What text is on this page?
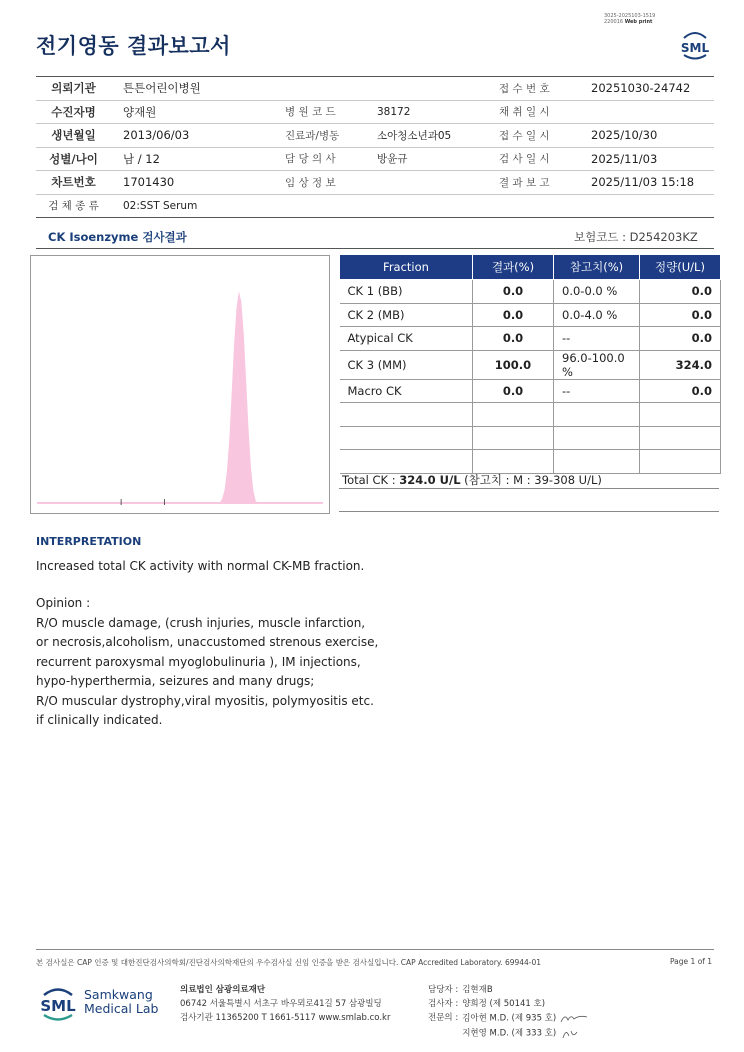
전기영동 결과보고서
3025-2025103-1519
220016 Web print
SML
의뢰기관	튼튼어린이병원			접 수 번 호	20251030-24742
수진자명	양재원	병 원 코 드	38172	채 취 일 시	
생년월일	2013/06/03	진료과/병동	소아청소년과05	접 수 일 시	2025/10/30
성별/나이	남 / 12	담 당 의 사	방윤규	검 사 일 시	2025/11/03
차트번호	1701430	임 상 정 보		결 과 보 고	2025/11/03 15:18
검 체 종 류	02:SST Serum				
CK Isoenzyme 검사결과	보험코드 : D254203KZ
Fraction	결과(%)	참고치(%)	정량(U/L)
CK 1 (BB)	0.0	0.0-0.0 %	0.0
CK 2 (MB)	0.0	0.0-4.0 %	0.0
Atypical CK	0.0	--	0.0
CK 3 (MM)	100.0	96.0-100.0 %	324.0
Macro CK	0.0	--	0.0

Total CK : 324.0 U/L (참고치 : M : 39-308 U/L)
INTERPRETATION
Increased total CK activity with normal CK-MB fraction.
Opinion :
R/O muscle damage, (crush injuries, muscle infarction,
or necrosis,alcoholism, unaccustomed strenous exercise,
recurrent paroxysmal myoglobulinuria ), IM injections,
hypo-hyperthermia, seizures and many drugs;
R/O muscular dystrophy,viral myositis, polymyositis etc.
if clinically indicated.
본 검사실은 CAP 인증 및 대한진단검사의학회/진단검사의학재단의 우수검사실 신임 인증을 받은 검사실입니다. CAP Accredited Laboratory. 69944-01	Page 1 of 1
SML
Samkwang
Medical Lab
의료법인 삼광의료재단
06742 서울특별시 서초구 바우뫼로41길 57 삼광빌딩
검사기관 11365200 T 1661-5117 www.smlab.co.kr
담당자 :	김현재B
검사자 :	양희정 (제 50141 호)
전문의 :	김아현 M.D. (제 935 호)
	지현영 M.D. (제 333 호)
